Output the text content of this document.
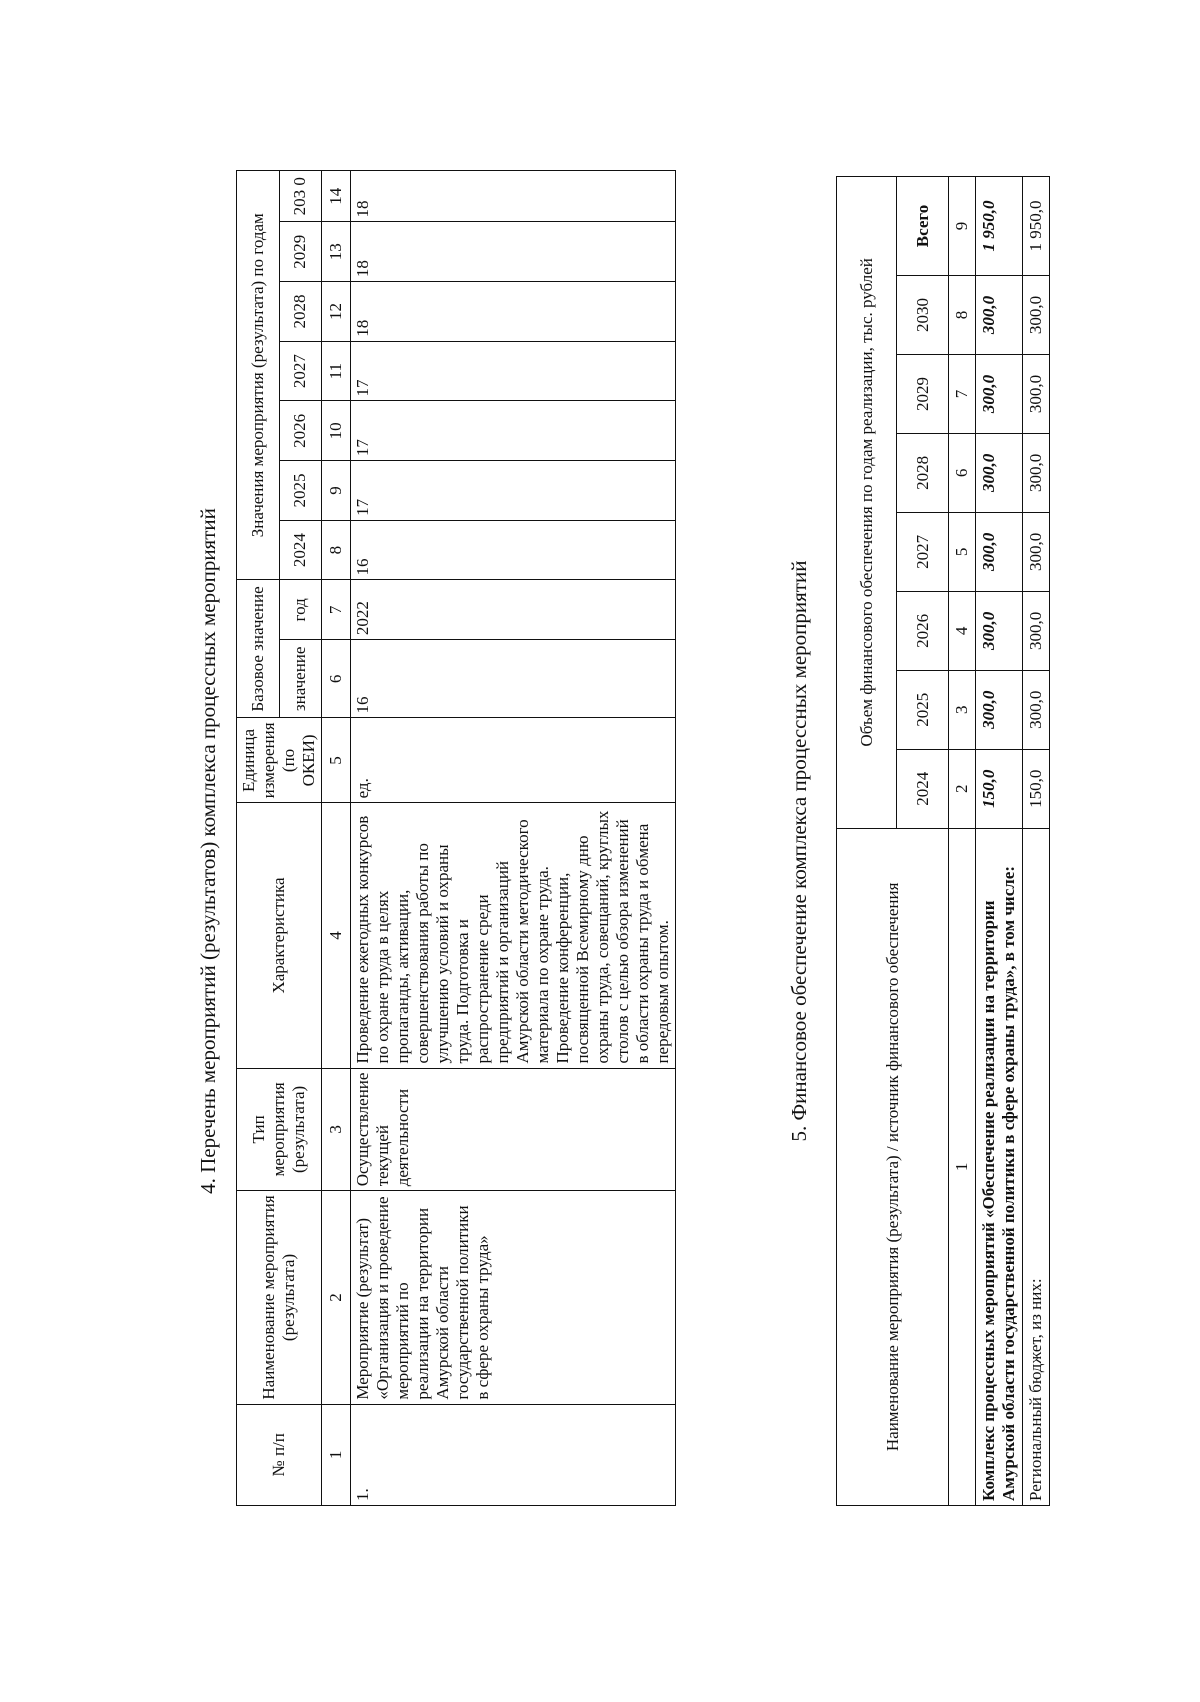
4. Перечень мероприятий (результатов) комплекса процессных мероприятий
№ п/п	Наименование мероприятия (результата)	Тип мероприятия (результата)	Характеристика	Единица измерения (по ОКЕИ)	Базовое значение		Значения мероприятия (результата) по годам						
					значение	год	2024	2025	2026	2027	2028	2029	203 0
1	2	3	4	5	6	7	8	9	10	11	12	13	14
1.	Мероприятие (результат) «Организация и проведение мероприятий по реализации на территории Амурской области государственной политики в сфере охраны труда»	Осуществление текущей деятельности	Проведение ежегодных конкурсов по охране труда в целях пропаганды, активации, совершенствования работы по улучшению условий и охраны труда. Подготовка и распространение среди предприятий и организаций Амурской области методического материала по охране труда. Проведение конференции, посвященной Всемирному дню охраны труда, совещаний, круглых столов с целью обзора изменений в области охраны труда и обмена передовым опытом.	ед.	16	2022	16	17	17	17	18	18	18
5. Финансовое обеспечение комплекса процессных мероприятий
Наименование мероприятия (результата) / источник финансового обеспечения	Объем финансового обеспечения по годам реализации, тыс. рублей							
	2024	2025	2026	2027	2028	2029	2030	Всего
1	2	3	4	5	6	7	8	9
Комплекс процессных мероприятий «Обеспечение реализации на территории Амурской области государственной политики в сфере охраны труда», в том числе:	150,0	300,0	300,0	300,0	300,0	300,0	300,0	1 950,0
Региональный бюджет, из них:	150,0	300,0	300,0	300,0	300,0	300,0	300,0	1 950,0
